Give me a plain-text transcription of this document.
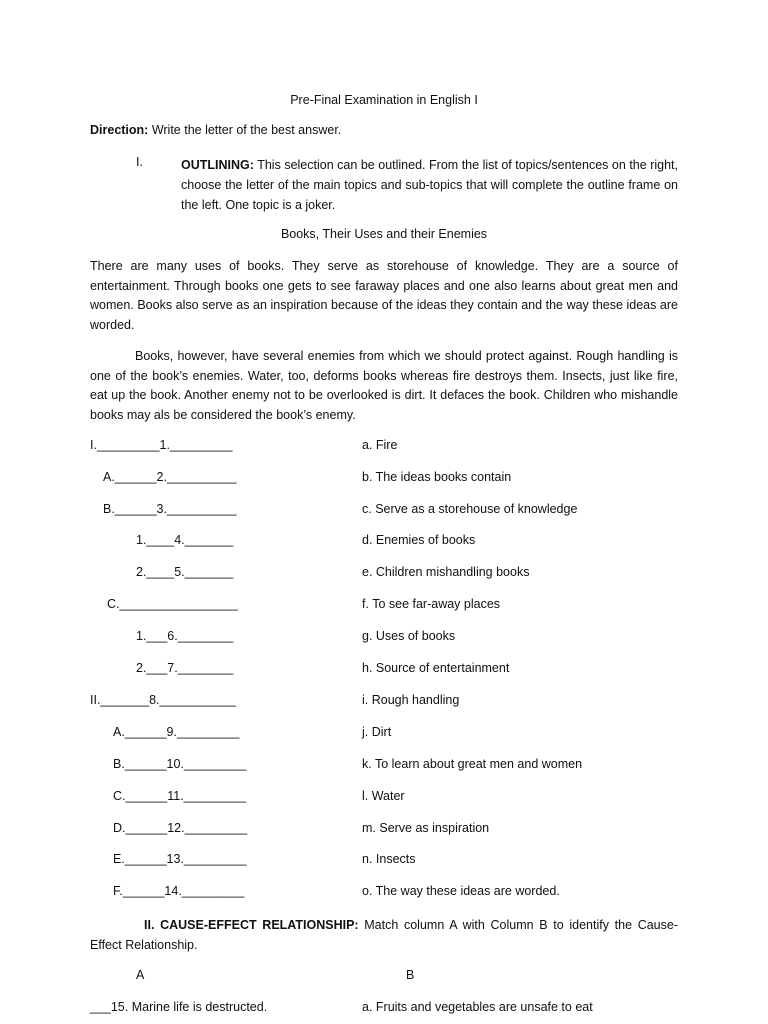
Pre-Final Examination in English I
Direction: Write the letter of the best answer.
I.	OUTLINING: This selection can be outlined. From the list of topics/sentences on the right, choose the letter of the main topics and sub-topics that will complete the outline frame on the left. One topic is a joker.
Books, Their Uses and their Enemies
There are many uses of books. They serve as storehouse of knowledge. They are a source of entertainment. Through books one gets to see faraway places and one also learns about great men and women. Books also serve as an inspiration because of the ideas they contain and the way these ideas are worded.
Books, however, have several enemies from which we should protect against. Rough handling is one of the book’s enemies. Water, too, deforms books whereas fire destroys them. Insects, just like fire, eat up the book. Another enemy not to be overlooked is dirt. It defaces the book. Children who mishandle books may als be considered the book’s enemy.
I._________1._________
A.______2.__________
B.______3.__________
1.____4._______
2.____5._______
C._________________
1.___6.________
2.___7.________
II._______8.___________
A.______9._________
B.______10._________
C.______11._________
D.______12._________
E.______13._________
F.______14._________
a. Fire
b. The ideas books contain
c. Serve as a storehouse of knowledge
d. Enemies of books
e. Children mishandling books
f. To see far-away places
g. Uses of books
h. Source of entertainment
i. Rough handling
j. Dirt
k. To learn about great men and women
l. Water
m. Serve as inspiration
n. Insects
o. The way these ideas are worded.
II. CAUSE-EFFECT RELATIONSHIP: Match column A with Column B to identify the Cause-Effect Relationship.
A	B
___15. Marine life is destructed.	a. Fruits and vegetables are unsafe to eat
